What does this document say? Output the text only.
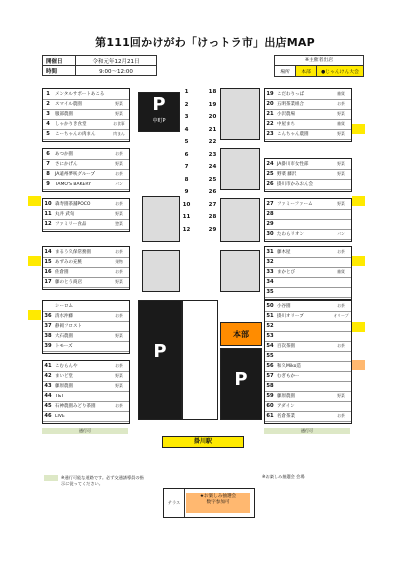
第111回かけがわ「けっトラ市」出店MAP
開催日	令和元年12月21日
時間	9:00～12:00
※主催者出店
場所	本部	●じゃんけん大会
1	メンタルサポートあこる
2	スマイル農園	野菜
3	服部農園	野菜
4	しゃかりき食堂	お食事
5	こーちゃんの肉まん	肉まん
6	あつか園	お茶
7	さにかげん	野菜
8	JA遠州夢咲グループ	お茶
9	TAMO'S BAKERY	パン
10 森寿園茶舗POCO	お茶
11 丸井 武旬	野菜
12 ファミリー食品	惣菜
14 まるう久保常務園	お茶
15 あずみの充桃	果物
16 佐倉園	お茶
17 藤のとう商店	野菜
シーロム
36 清水沖藤	お茶
37 静岡フロスト
38 大石農園	野菜
39 トモーズ
41 こむらんや	お茶
42 まいど堂	野菜
43 藤原農園	野菜
44 T&T
45 石神農園みどり茶園	お茶
46 LIVE
19 こだわりっぱ	雑貨
20 五明茶業組合	お茶
21 小沢農場	野菜
22 中屋まち	雑貨
23 こんちゃん農園	野菜
24 JA掛川市女性部	野菜
25 野菜 藤沢	野菜
26 掛川市かみおん会
27 ファミーファーム	野菜
28
29
30 たわらリオン	パン
31 藤木屋	お茶
32
33 まかとび	雑貨
34
35
50 小谷園	お茶
51 掛川オリーブ	オリーブ
52
53
54 百次茶園	お茶
55
56 和久Miko造
57 むぎもかー
58
59 藤原農園	野菜
60 アダイン
61 名倉茶業	お茶
P
中町P
1
2
3
4
5
6
7
8
9
10
11
12
18
19
20
21
22
23
24
25
26
27
28
29
P
P
本部
通行可	通行可
掛川駅
※通行可能な道路です。必ず交通誘導員の指示に従ってください。
テラス
★お楽しみ抽選会
数字参加可
※お楽しみ抽選会 会場
